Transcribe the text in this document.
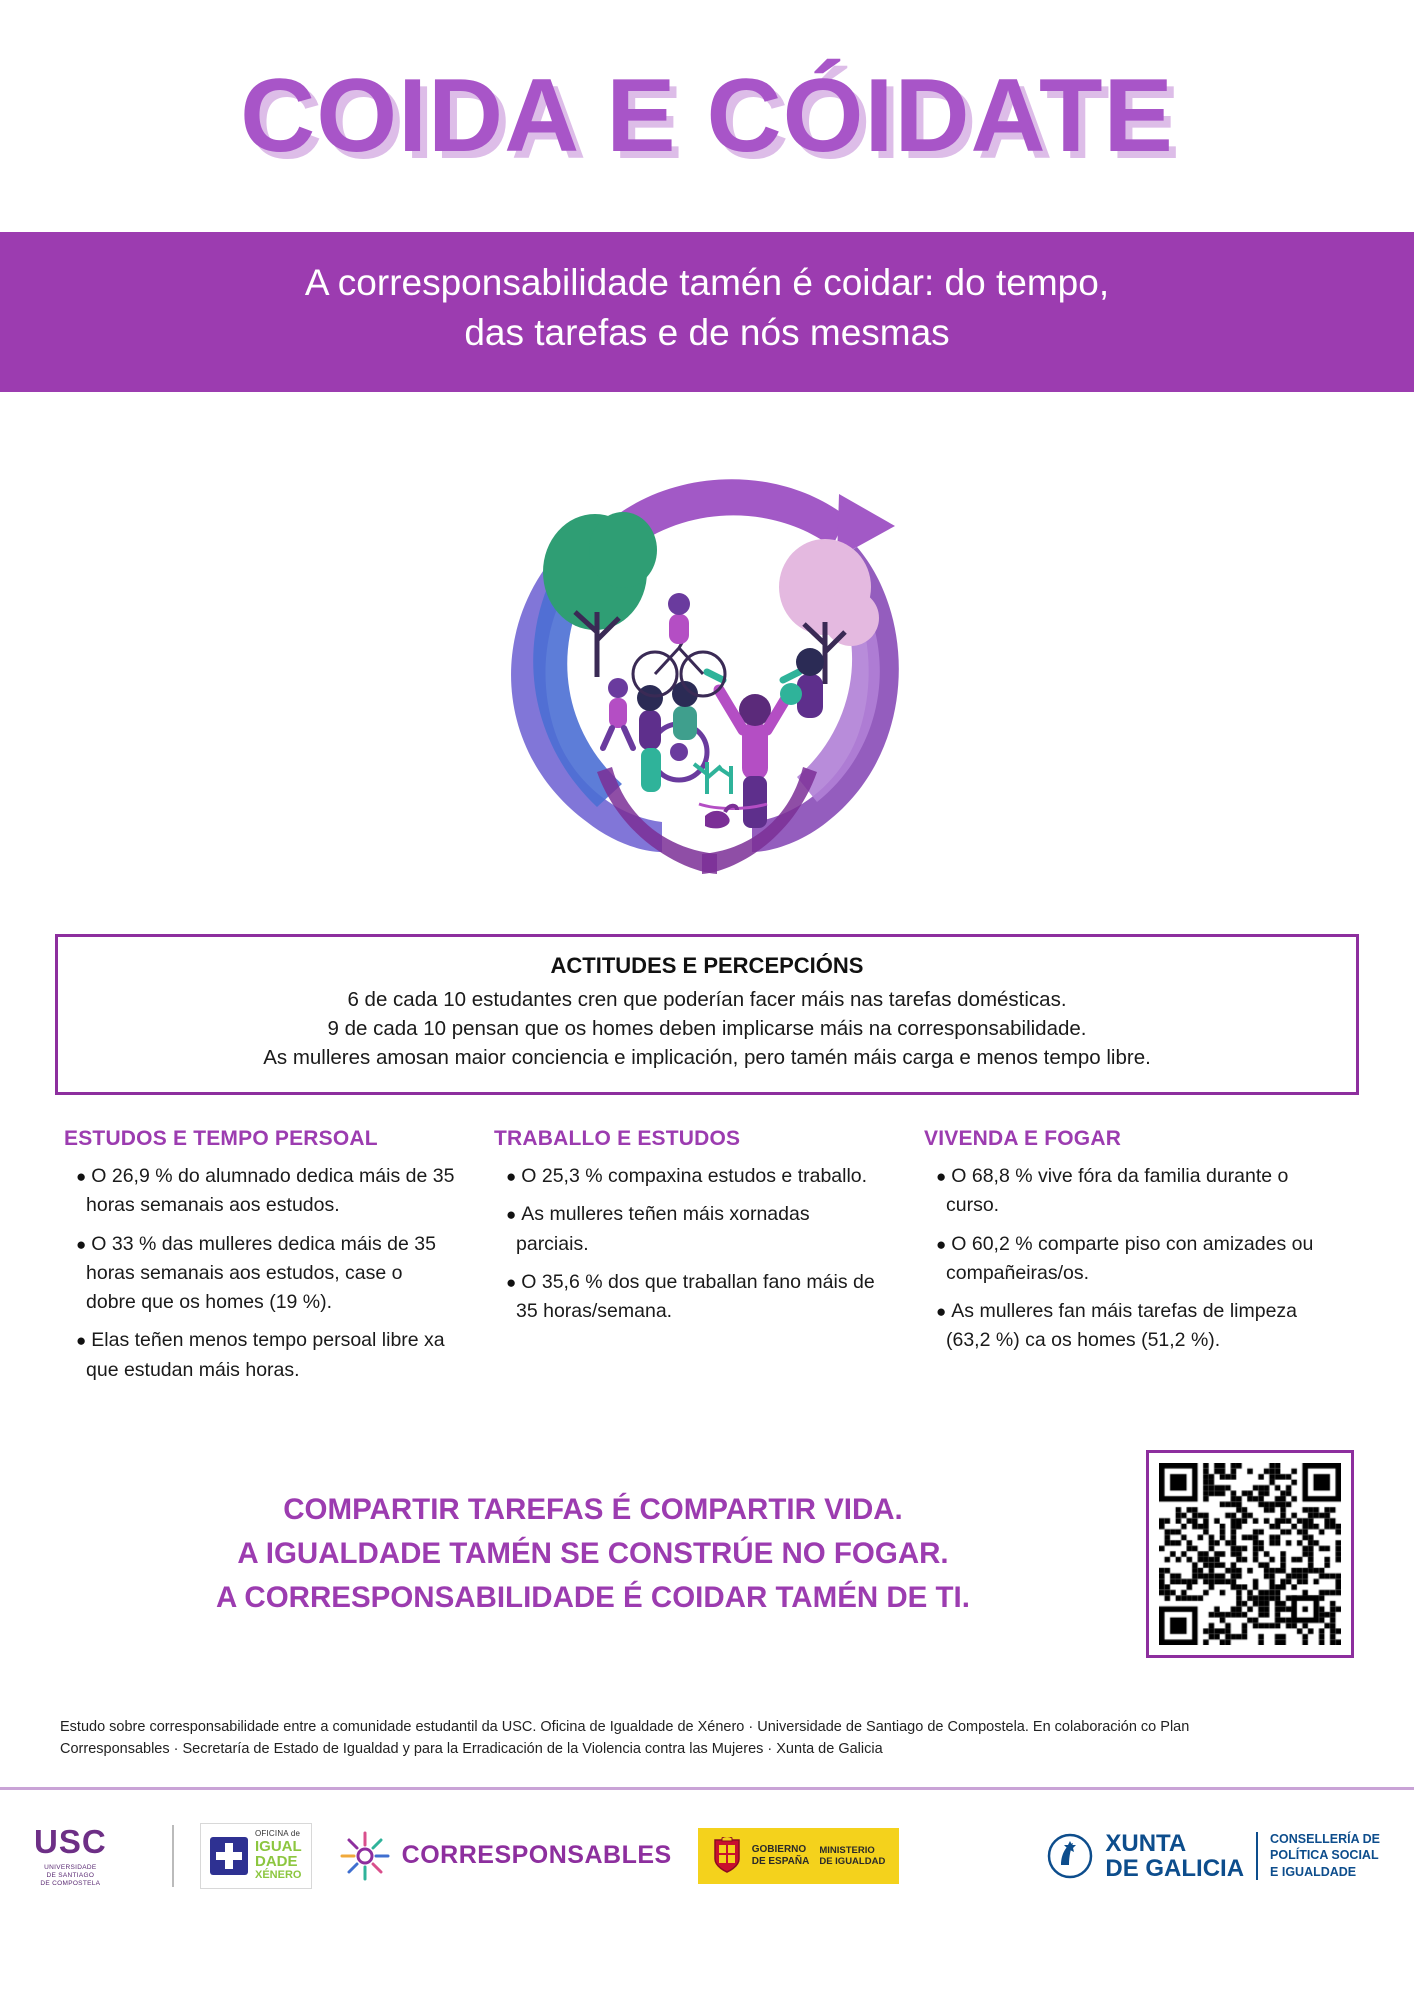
COIDA E CÓIDATE
A corresponsabilidade tamén é coidar: do tempo,
das tarefas e de nós mesmas
ACTITUDES E PERCEPCIÓNS
6 de cada 10 estudantes cren que poderían facer máis nas tarefas domésticas.
9 de cada 10 pensan que os homes deben implicarse máis na corresponsabilidade.
As mulleres amosan maior conciencia e implicación, pero tamén máis carga e menos tempo libre.
ESTUDOS E TEMPO PERSOAL
● O 26,9 % do alumnado dedica máis de 35 horas semanais aos estudos.
● O 33 % das mulleres dedica máis de 35 horas semanais aos estudos, case o dobre que os homes (19 %).
● Elas teñen menos tempo persoal libre xa que estudan máis horas.
TRABALLO E ESTUDOS
● O 25,3 % compaxina estudos e traballo.
● As mulleres teñen máis xornadas parciais.
● O 35,6 % dos que traballan fano máis de 35 horas/semana.
VIVENDA E FOGAR
● O 68,8 % vive fóra da familia durante o curso.
● O 60,2 % comparte piso con amizades ou compañeiras/os.
● As mulleres fan máis tarefas de limpeza (63,2 %) ca os homes (51,2 %).
COMPARTIR TAREFAS É COMPARTIR VIDA.
A IGUALDADE TAMÉN SE CONSTRÚE NO FOGAR.
A CORRESPONSABILIDADE É COIDAR TAMÉN DE TI.
Estudo sobre corresponsabilidade entre a comunidade estudantil da USC. Oficina de Igualdade de Xénero · Universidade de Santiago de Compostela. En colaboración co Plan
Corresponsables · Secretaría de Estado de Igualdad y para la Erradicación de la Violencia contra las Mujeres · Xunta de Galicia
USC
UNIVERSIDADE
DE SANTIAGO
DE COMPOSTELA
OFICINA de
IGUAL
DADE
XÉNERO
CORRESPONSABLES	GOBIERNO
DE ESPAÑA
MINISTERIO
DE IGUALDAD
XUNTA
DE GALICIA
CONSELLERÍA DE
POLÍTICA SOCIAL
E IGUALDADE
